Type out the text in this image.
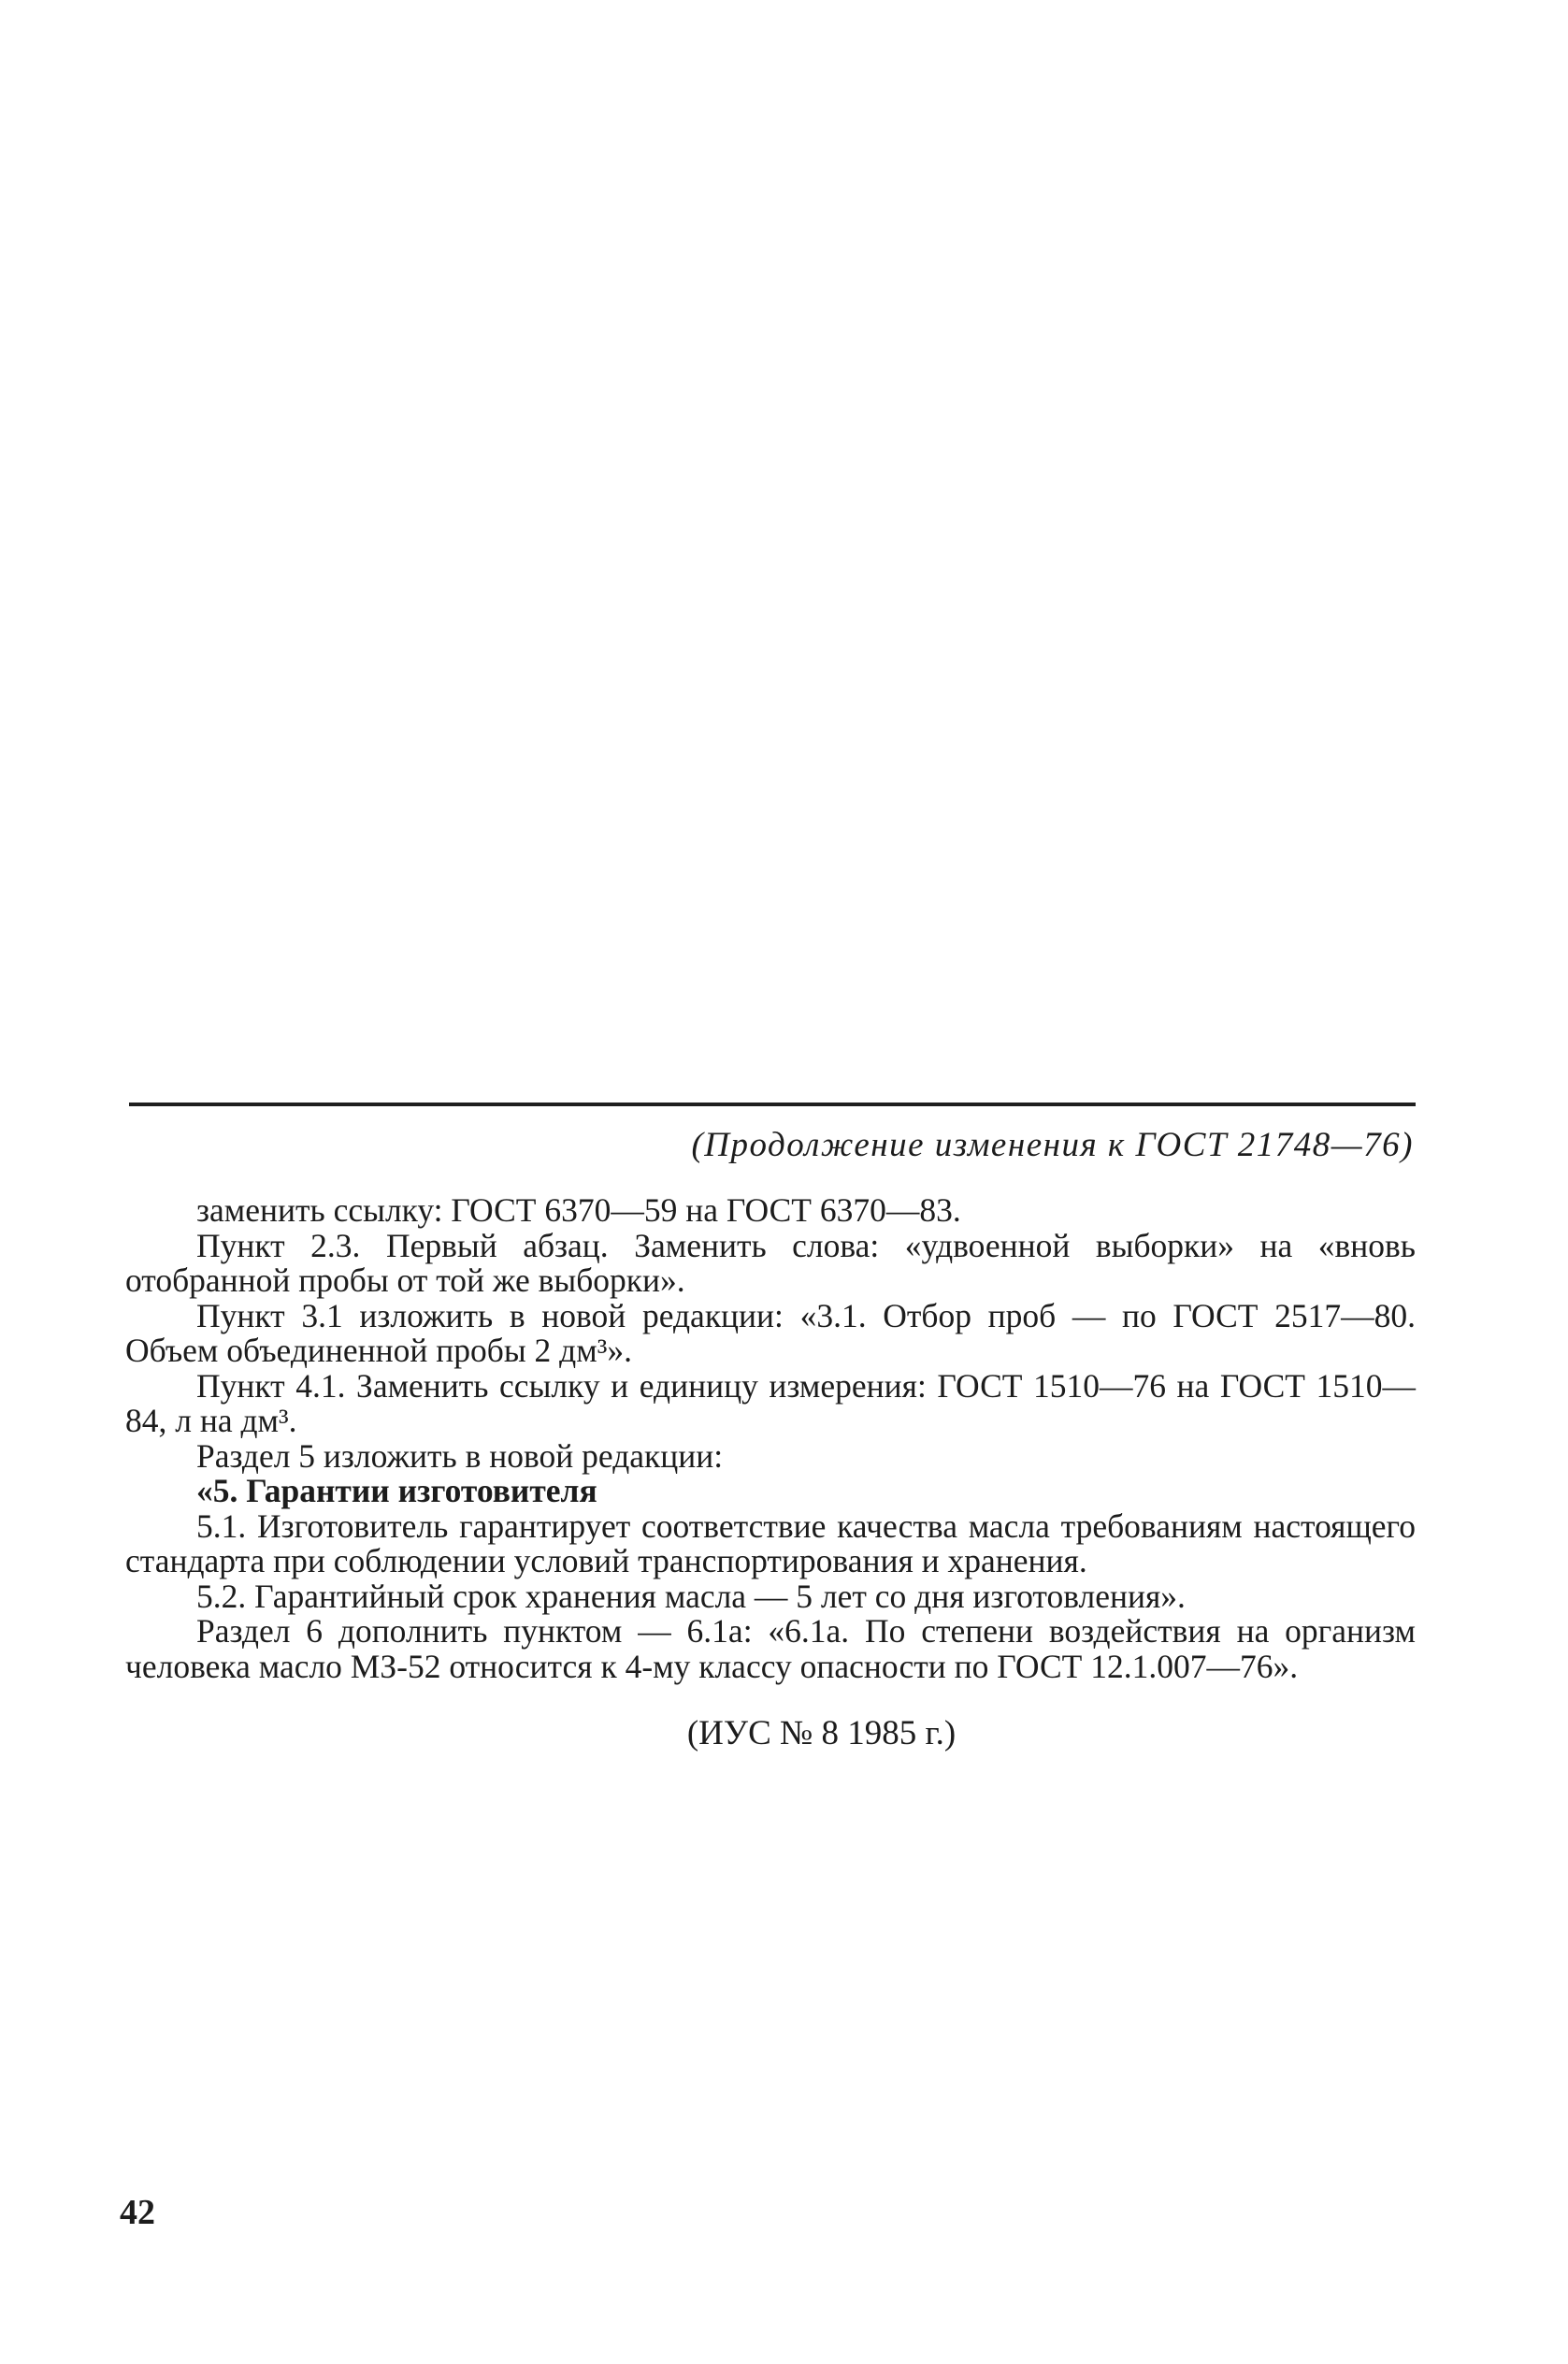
(Продолжение изменения к ГОСТ 21748—76)

заменить ссылку: ГОСТ 6370—59 на ГОСТ 6370—83.

Пункт 2.3. Первый абзац. Заменить слова: «удвоенной выборки» на «вновь отобранной пробы от той же выборки».

Пункт 3.1 изложить в новой редакции: «3.1. Отбор проб — по ГОСТ 2517—80. Объем объединенной пробы 2 дм³».

Пункт 4.1. Заменить ссылку и единицу измерения: ГОСТ 1510—76 на ГОСТ 1510—84, л на дм³.

Раздел 5 изложить в новой редакции:

«5. Гарантии изготовителя

5.1. Изготовитель гарантирует соответствие качества масла требованиям настоящего стандарта при соблюдении условий транспортирования и хранения.

5.2. Гарантийный срок хранения масла — 5 лет со дня изготовления».

Раздел 6 дополнить пунктом — 6.1а: «6.1а. По степени воздействия на организм человека масло МЗ-52 относится к 4-му классу опасности по ГОСТ 12.1.007—76».

(ИУС № 8 1985 г.)
42
